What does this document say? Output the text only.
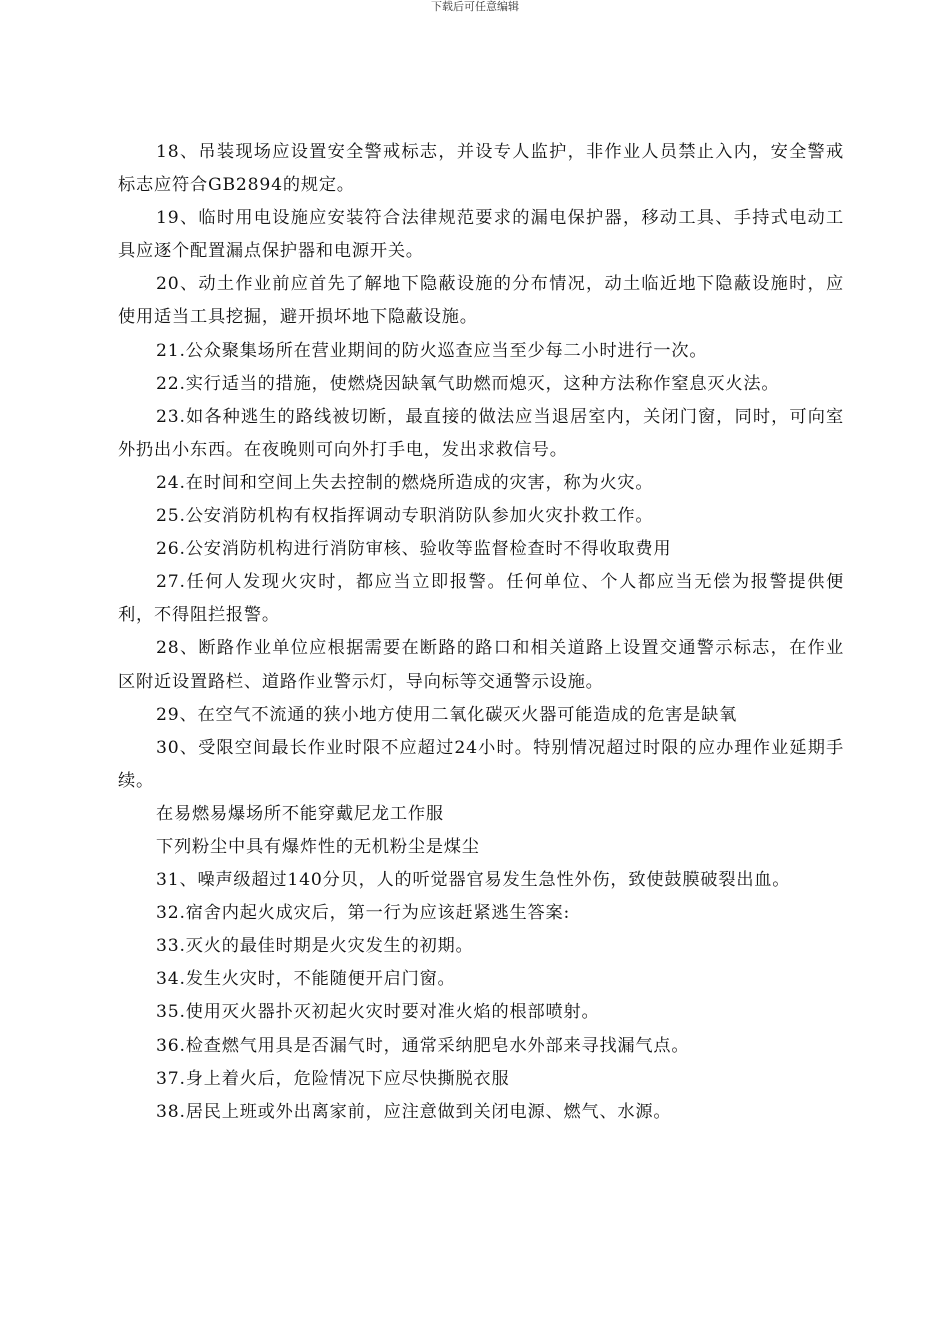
下载后可任意编辑

18、吊装现场应设置安全警戒标志，并设专人监护，非作业人员禁止入内，安全警戒标志应符合GB2894的规定。

19、临时用电设施应安装符合法律规范要求的漏电保护器，移动工具、手持式电动工具应逐个配置漏点保护器和电源开关。

20、动土作业前应首先了解地下隐蔽设施的分布情况，动土临近地下隐蔽设施时，应使用适当工具挖掘，避开损坏地下隐蔽设施。

21.公众聚集场所在营业期间的防火巡查应当至少每二小时进行一次。

22.实行适当的措施，使燃烧因缺氧气助燃而熄灭，这种方法称作窒息灭火法。

23.如各种逃生的路线被切断，最直接的做法应当退居室内，关闭门窗，同时，可向室外扔出小东西。在夜晚则可向外打手电，发出求救信号。

24.在时间和空间上失去控制的燃烧所造成的灾害，称为火灾。

25.公安消防机构有权指挥调动专职消防队参加火灾扑救工作。

26.公安消防机构进行消防审核、验收等监督检查时不得收取费用

27.任何人发现火灾时，都应当立即报警。任何单位、个人都应当无偿为报警提供便利，不得阻拦报警。

28、断路作业单位应根据需要在断路的路口和相关道路上设置交通警示标志，在作业区附近设置路栏、道路作业警示灯，导向标等交通警示设施。

29、在空气不流通的狭小地方使用二氧化碳灭火器可能造成的危害是缺氧

30、受限空间最长作业时限不应超过24小时。特别情况超过时限的应办理作业延期手续。

在易燃易爆场所不能穿戴尼龙工作服

下列粉尘中具有爆炸性的无机粉尘是煤尘

31、噪声级超过140分贝，人的听觉器官易发生急性外伤，致使鼓膜破裂出血。

32.宿舍内起火成灾后，第一行为应该赶紧逃生答案:

33.灭火的最佳时期是火灾发生的初期。

34.发生火灾时，不能随便开启门窗。

35.使用灭火器扑灭初起火灾时要对准火焰的根部喷射。

36.检查燃气用具是否漏气时，通常采纳肥皂水外部来寻找漏气点。

37.身上着火后，危险情况下应尽快撕脱衣服

38.居民上班或外出离家前，应注意做到关闭电源、燃气、水源。
